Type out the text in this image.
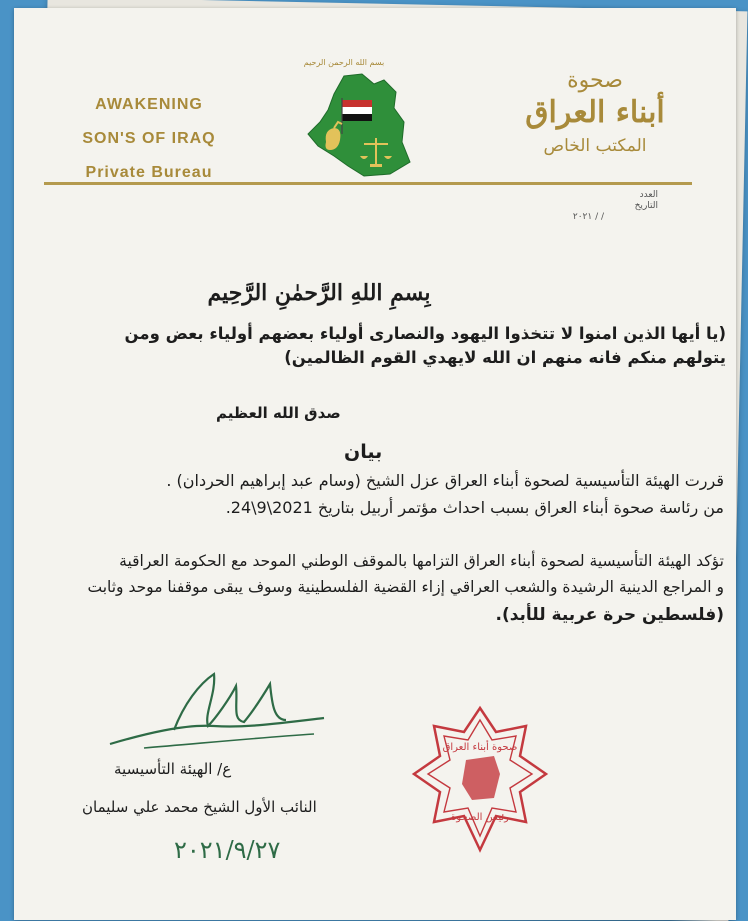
AWAKENING
SON'S OF IRAQ
Private Bureau
بسم الله الرحمن الرحيم
صحوة
أبناء العراق
المكتب الخاص
العدد
التاريخ
/ / ٢٠٢١
بِسمِ اللهِ الرَّحمٰنِ الرَّحِيم
(يا أيها الذين امنوا لا تتخذوا اليهود والنصارى أولياء بعضهم أولياء بعض ومن
يتولهم منكم فانه منهم ان الله لايهدي القوم الظالمين)
صدق الله العظيم
بيان
قررت الهيئة التأسيسية لصحوة أبناء العراق عزل الشيخ (وسام عبد إبراهيم الحردان) .
من رئاسة صحوة أبناء العراق بسبب احداث مؤتمر أربيل بتاريخ 2021\9\24.
تؤكد الهيئة التأسيسية لصحوة أبناء العراق التزامها بالموقف الوطني الموحد مع الحكومة العراقية
و المراجع الدينية الرشيدة والشعب العراقي إزاء القضية الفلسطينية وسوف يبقى موقفنا موحد وثابت
(فلسطين حرة عربية للأبد).
ع/ الهيئة التأسيسية
النائب الأول الشيخ محمد علي سليمان
٢٠٢١/٩/٢٧
صحوة أبناء العراق
رئيس الصحوة
